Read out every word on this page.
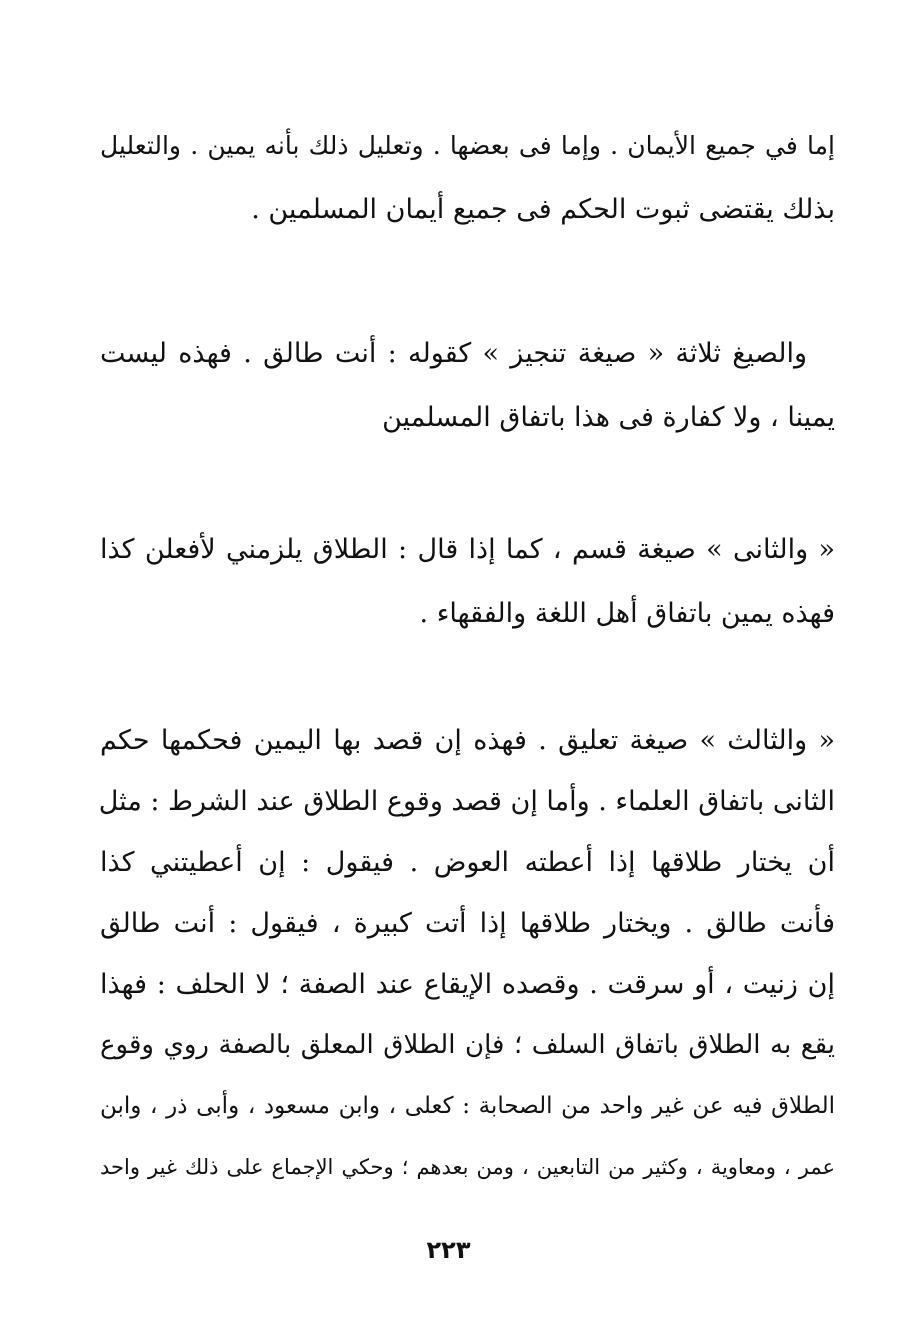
إما في جميع الأيمان . وإما فى بعضها . وتعليل ذلك بأنه يمين . والتعليل
بذلك يقتضى ثبوت الحكم فى جميع أيمان المسلمين .
والصيغ ثلاثة « صيغة تنجيز » كقوله : أنت طالق . فهذه ليست
يمينا ، ولا كفارة فى هذا باتفاق المسلمين
« والثانى » صيغة قسم ، كما إذا قال : الطلاق يلزمني لأفعلن كذا
فهذه يمين باتفاق أهل اللغة والفقهاء .
« والثالث » صيغة تعليق . فهذه إن قصد بها اليمين فحكمها حكم
الثانى باتفاق العلماء . وأما إن قصد وقوع الطلاق عند الشرط : مثل
أن يختار طلاقها إذا أعطته العوض . فيقول : إن أعطيتني كذا
فأنت طالق . ويختار طلاقها إذا أتت كبيرة ، فيقول : أنت طالق
إن زنيت ، أو سرقت . وقصده الإيقاع عند الصفة ؛ لا الحلف : فهذا
يقع به الطلاق باتفاق السلف ؛ فإن الطلاق المعلق بالصفة روي وقوع
الطلاق فيه عن غير واحد من الصحابة : كعلى ، وابن مسعود ، وأبى ذر ، وابن
عمر ، ومعاوية ، وكثير من التابعين ، ومن بعدهم ؛ وحكي الإجماع على ذلك غير واحد
٢٢٣
